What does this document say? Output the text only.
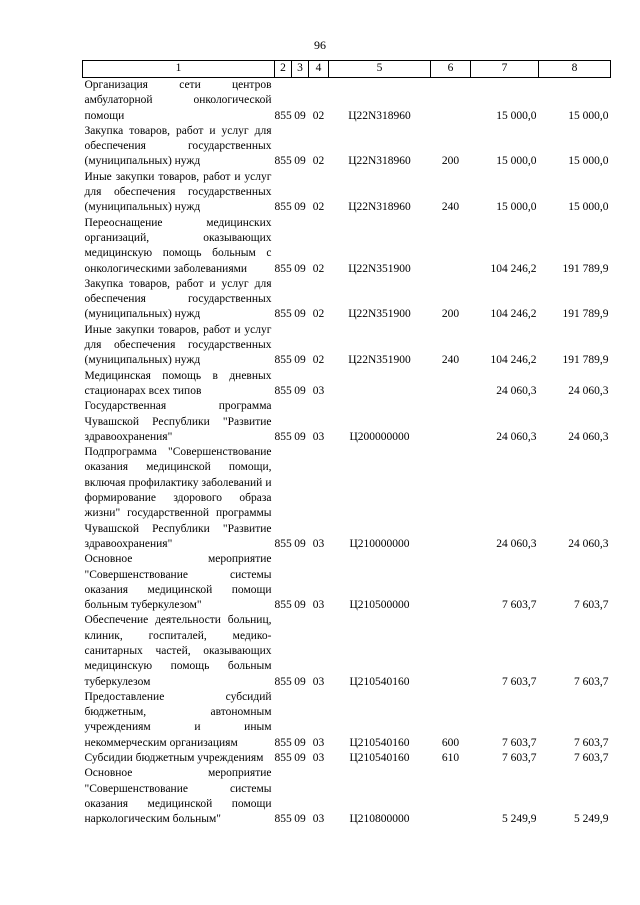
96
1	2	3	4	5	6	7	8
Организация сети центров амбулаторной онкологической помощи	855	09	02	Ц22N318960		15 000,0	15 000,0
Закупка товаров, работ и услуг для обеспечения государственных (муниципальных) нужд	855	09	02	Ц22N318960	200	15 000,0	15 000,0
Иные закупки товаров, работ и услуг для обеспечения государственных (муниципальных) нужд	855	09	02	Ц22N318960	240	15 000,0	15 000,0
Переоснащение медицинских организаций, оказывающих медицинскую помощь больным с онкологическими заболеваниями	855	09	02	Ц22N351900		104 246,2	191 789,9
Закупка товаров, работ и услуг для обеспечения государственных (муниципальных) нужд	855	09	02	Ц22N351900	200	104 246,2	191 789,9
Иные закупки товаров, работ и услуг для обеспечения государственных (муниципальных) нужд	855	09	02	Ц22N351900	240	104 246,2	191 789,9
Медицинская помощь в дневных стационарах всех типов	855	09	03			24 060,3	24 060,3
Государственная программа Чувашской Республики "Развитие здравоохранения"	855	09	03	Ц200000000		24 060,3	24 060,3
Подпрограмма "Совершенствование оказания медицинской помощи, включая профилактику заболеваний и формирование здорового образа жизни" государственной программы Чувашской Республики "Развитие здравоохранения"	855	09	03	Ц210000000		24 060,3	24 060,3
Основное мероприятие "Совершенствование системы оказания медицинской помощи больным туберкулезом"	855	09	03	Ц210500000		7 603,7	7 603,7
Обеспечение деятельности больниц, клиник, госпиталей, медико-санитарных частей, оказывающих медицинскую помощь больным туберкулезом	855	09	03	Ц210540160		7 603,7	7 603,7
Предоставление субсидий бюджетным, автономным учреждениям и иным некоммерческим организациям	855	09	03	Ц210540160	600	7 603,7	7 603,7
Субсидии бюджетным учреждениям	855	09	03	Ц210540160	610	7 603,7	7 603,7
Основное мероприятие "Совершенствование системы оказания медицинской помощи наркологическим больным"	855	09	03	Ц210800000		5 249,9	5 249,9
